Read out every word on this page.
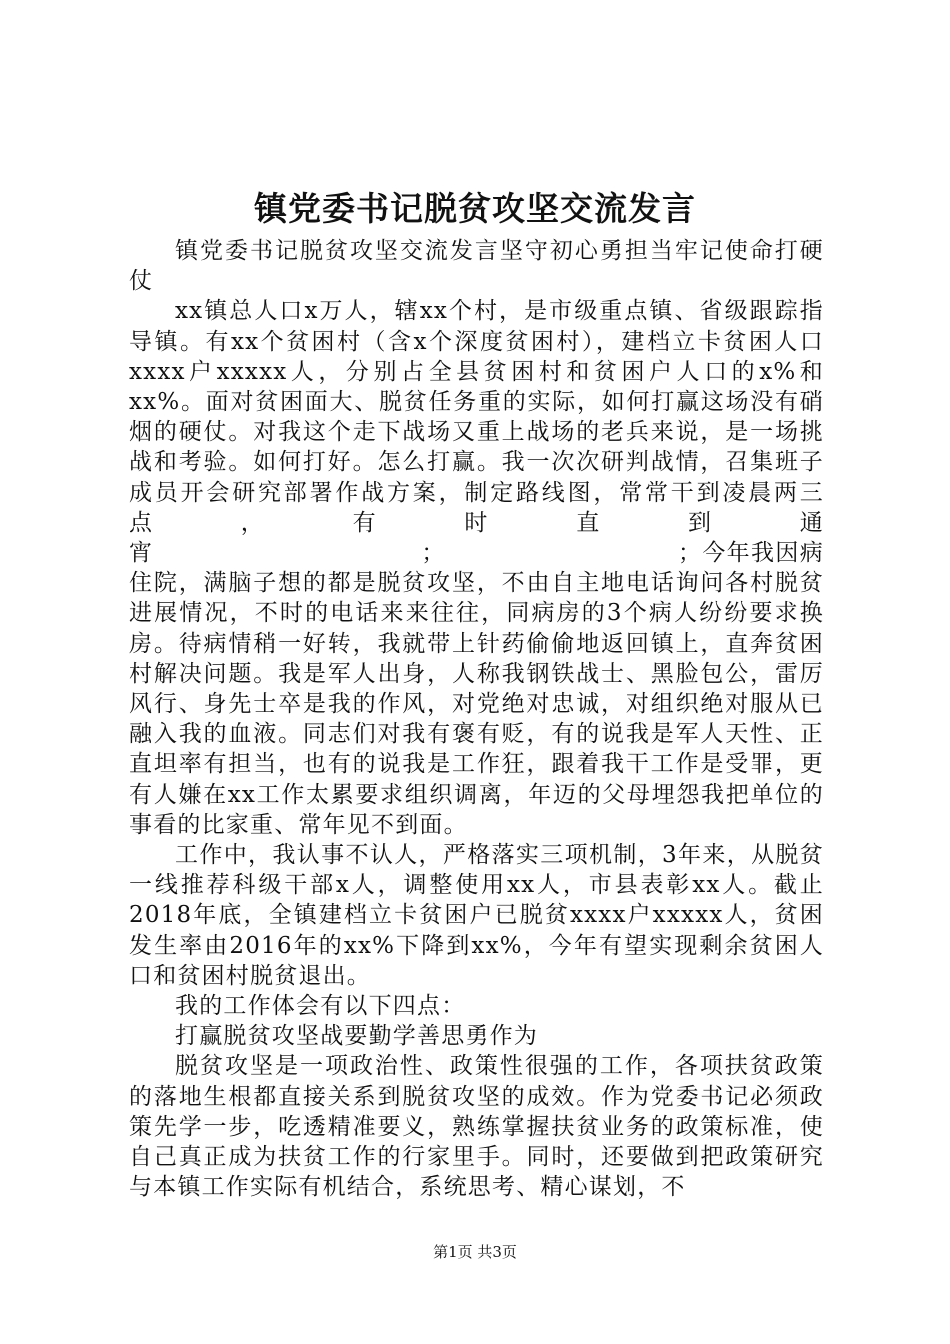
镇党委书记脱贫攻坚交流发言

镇党委书记脱贫攻坚交流发言坚守初心勇担当牢记使命打硬仗

xx镇总人口x万人，辖xx个村，是市级重点镇、省级跟踪指导镇。有xx个贫困村（含x个深度贫困村），建档立卡贫困人口xxxx户xxxxx人，分别占全县贫困村和贫困户人口的x%和xx%。面对贫困面大、脱贫任务重的实际，如何打赢这场没有硝烟的硬仗。对我这个走下战场又重上战场的老兵来说，是一场挑战和考验。如何打好。怎么打赢。我一次次研判战情，召集班子成员开会研究部署作战方案，制定路线图，常常干到凌晨两三点，有时直到通宵　　　　　　　　　　　；　　　　　　　　　　；今年我因病住院，满脑子想的都是脱贫攻坚，不由自主地电话询问各村脱贫进展情况，不时的电话来来往往，同病房的3个病人纷纷要求换房。待病情稍一好转，我就带上针药偷偷地返回镇上，直奔贫困村解决问题。我是军人出身，人称我钢铁战士、黑脸包公，雷厉风行、身先士卒是我的作风，对党绝对忠诚，对组织绝对服从已融入我的血液。同志们对我有褒有贬，有的说我是军人天性、正直坦率有担当，也有的说我是工作狂，跟着我干工作是受罪，更有人嫌在xx工作太累要求组织调离，年迈的父母埋怨我把单位的事看的比家重、常年见不到面。

工作中，我认事不认人，严格落实三项机制，3年来，从脱贫一线推荐科级干部x人，调整使用xx人，市县表彰xx人。截止2018年底，全镇建档立卡贫困户已脱贫xxxx户xxxxx人，贫困发生率由2016年的xx%下降到xx%，今年有望实现剩余贫困人口和贫困村脱贫退出。

我的工作体会有以下四点：

打赢脱贫攻坚战要勤学善思勇作为

脱贫攻坚是一项政治性、政策性很强的工作，各项扶贫政策的落地生根都直接关系到脱贫攻坚的成效。作为党委书记必须政策先学一步，吃透精准要义，熟练掌握扶贫业务的政策标准，使自己真正成为扶贫工作的行家里手。同时，还要做到把政策研究与本镇工作实际有机结合，系统思考、精心谋划，不

第1页 共3页
